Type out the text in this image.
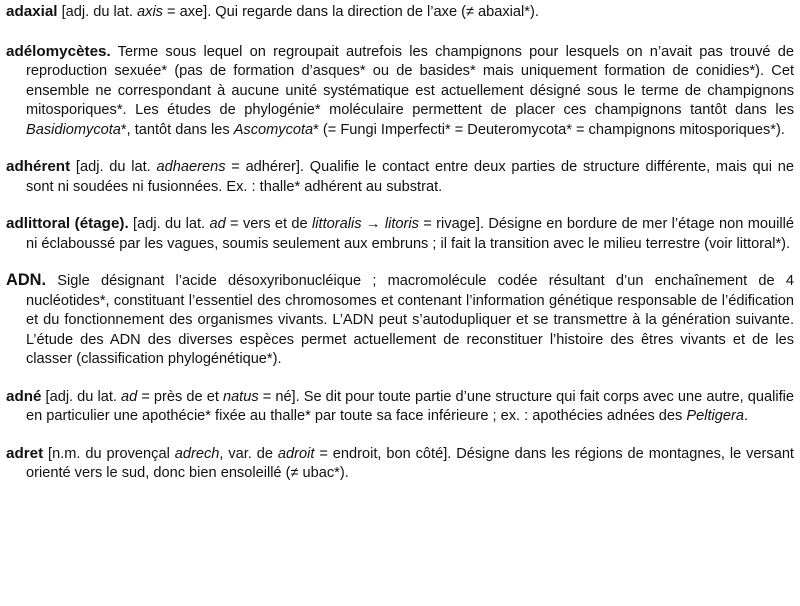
adaxial [adj. du lat. axis = axe]. Qui regarde dans la direction de l’axe (≠ abaxial*).

adélomycètes. Terme sous lequel on regroupait autrefois les champignons pour lesquels on n’avait pas trouvé de reproduction sexuée* (pas de formation d’asques* ou de basides* mais uniquement formation de conidies*). Cet ensemble ne correspondant à aucune unité systématique est actuellement désigné sous le terme de champignons mitosporiques*. Les études de phylogénie* moléculaire permettent de placer ces champignons tantôt dans les Basidiomycota*, tantôt dans les Ascomycota* (= Fungi Imperfecti* = Deuteromycota* = champignons mitosporiques*).

adhérent [adj. du lat. adhaerens = adhérer]. Qualifie le contact entre deux parties de structure différente, mais qui ne sont ni soudées ni fusionnées. Ex. : thalle* adhérent au substrat.

adlittoral (étage). [adj. du lat. ad = vers et de littoralis → litoris = rivage]. Désigne en bordure de mer l’étage non mouillé ni éclaboussé par les vagues, soumis seulement aux embruns ; il fait la transition avec le milieu terrestre (voir littoral*).

ADN. Sigle désignant l’acide désoxyribonucléique ; macromolécule codée résultant d’un enchaînement de 4 nucléotides*, constituant l’essentiel des chromosomes et contenant l’information génétique responsable de l’édification et du fonctionnement des organismes vivants. L’ADN peut s’autodupliquer et se transmettre à la génération suivante. L’étude des ADN des diverses espèces permet actuellement de reconstituer l’histoire des êtres vivants et de les classer (classification phylogénétique*).

adné [adj. du lat. ad = près de et natus = né]. Se dit pour toute partie d’une structure qui fait corps avec une autre, qualifie en particulier une apothécie* fixée au thalle* par toute sa face inférieure ; ex. : apothécies adnées des Peltigera.

adret [n.m. du provençal adrech, var. de adroit = endroit, bon côté]. Désigne dans les régions de montagnes, le versant orienté vers le sud, donc bien ensoleillé (≠ ubac*).
